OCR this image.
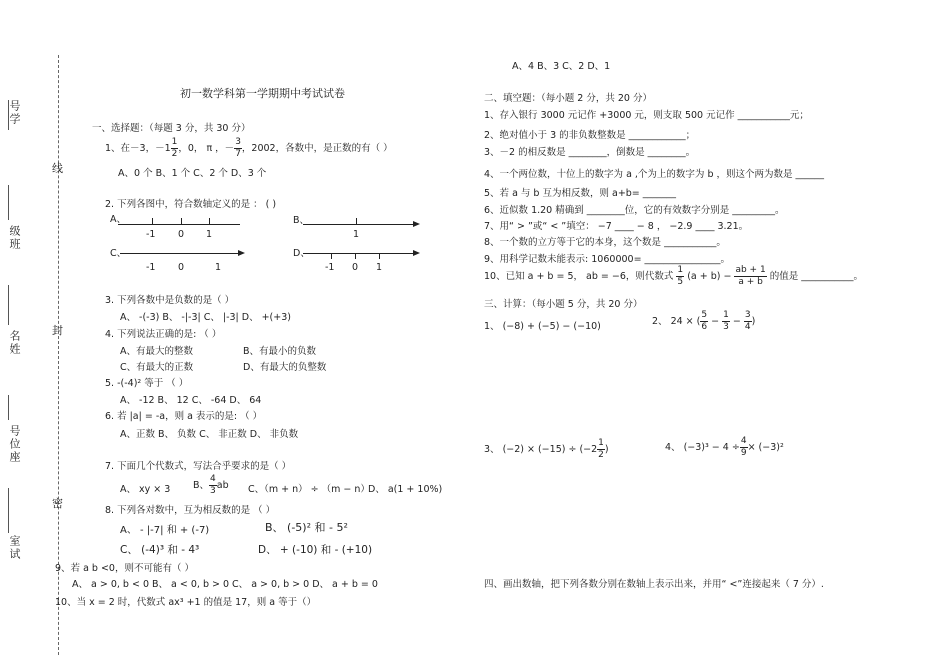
号学
级班
名姓
号位座
室试
线
封
密
初一数学科第一学期期中考试试卷
一、选择题：（每题 3 分，共 30 分）
1、在－3，$-1 \frac{1}{2}$ ，0， π ，－ $\frac{3}{7}$ ，2002，各数中，是正数的有（ ）
A、0 个 B、1 个 C、2 个 D、3 个
2. 下列各图中，符合数轴定义的是 ： ( )
A、
-1 0 1
B、
1
C、
-1 0	1
D、
-1 0 1
3. 下列各数中是负数的是（ ）
A、 -(-3) B、 -|-3| C、 |-3| D、 +(+3)
4. 下列说法正确的是: （ ）
A、有最大的整数	B、有最小的负数
C、有最大的正数	D、有最大的负整数
5. -(-4)² 等于 （ ）
A、 -12 B、 12 C、 -64 D、 64
6. 若 |a| = -a，则 a 表示的是: （ ）
A、正数 B、 负数 C、 非正数 D、 非负数
7. 下面几个代数式，写法合乎要求的是（ ）
A、 xy × 3 B、 $\frac{4}{3}$ ab C、（m + n） ÷ （m − n）
D、 a(1 + 10%)
8. 下列各对数中，互为相反数的是 （ ）
A、 - |-7| 和 + (-7)	B、 (-5)² 和 - 5²
C、 (-4)³ 和 - 4³	D、 + (-10) 和 - (+10)
9、若 a b <0，则不可能有（ ）
A、 a > 0, b < 0 B、 a < 0, b > 0 C、 a > 0, b > 0 D、 a + b = 0
10、当 x = 2 时，代数式 ax³ +1 的值是 17，则 a 等于（）
A、4 B、3 C、2 D、1
二、填空题：（每小题 2 分，共 20 分）
1、存入银行 3000 元记作 +3000 元，则支取 500 元记作 ___________元；
2、绝对值小于 3 的非负数整数是 ____________；
3、－2 的相反数是 ________，倒数是 ________。
4、一个两位数，十位上的数字为 a ,个为上的数字为 b ，则这个两为数是 ______
5、若 a 与 b 互为相反数，则 a+b= _______
6、近似数 1.20 精确到 ________位，它的有效数字分别是 _________。
7、用“ > ”或“ < ”填空： −7 ____ − 8 ， −2.9 ____ 3.21。
8、一个数的立方等于它的本身，这个数是 ___________。
9、用科学记数未能表示: 1060000= ________________。
10、已知 a + b = 5， ab = −6，则代数式 $\frac{1}{5} (a + b) - \frac{ab + 1}{a + b}$ 的值是 ___________。
三、计算：（每小题 5 分，共 20 分）
1、 (−8) + (−5) − (−10)	2、 24 × ( $\frac{5}{6} - \frac{1}{3} - \frac{3}{4}$ )
3、 $(-2) \times (-15) \div (-2 \frac{1}{2}$ )	4、 $(-3)^3 - 4 \div \frac{4}{9} \times (-3)^2$
四、画出数轴，把下列各数分别在数轴上表示出来，并用“ <”连接起来（ 7 分）.
